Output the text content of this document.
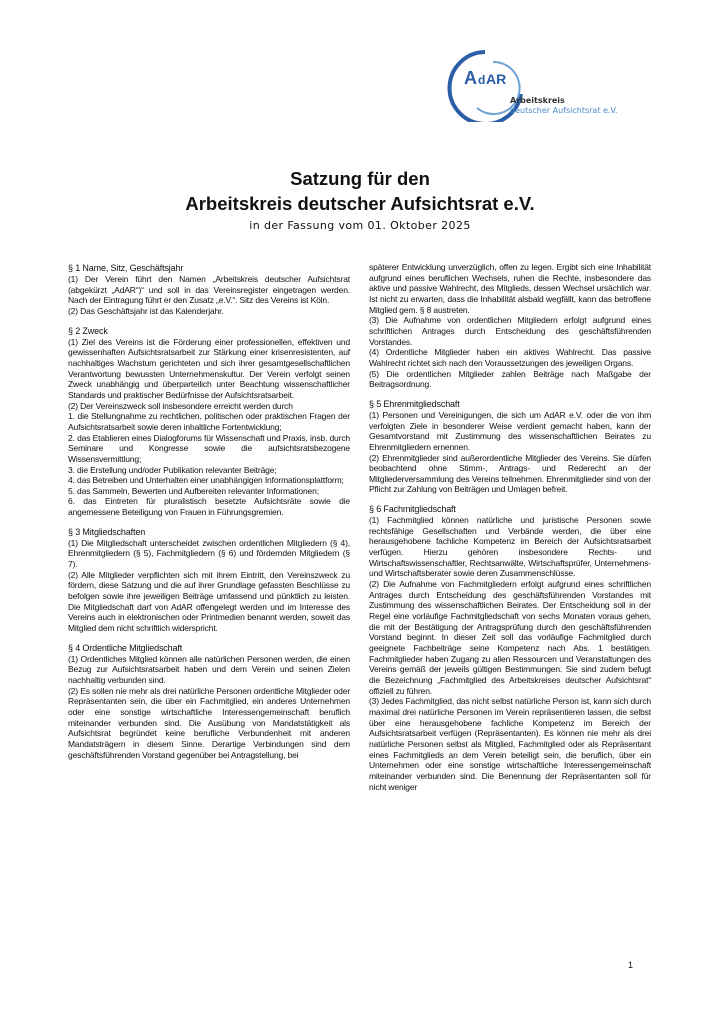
A d AR
Arbeitskreis
deutscher Aufsichtsrat e.V.
Satzung für den
Arbeitskreis deutscher Aufsichtsrat e.V.
in der Fassung vom 01. Oktober 2025
§ 1 Name, Sitz, Geschäftsjahr

(1) Der Verein führt den Namen „Arbeitskreis deutscher Aufsichtsrat (abgekürzt „AdAR“)“ und soll in das Vereinsregister eingetragen werden. Nach der Eintragung führt er den Zusatz „e.V.“. Sitz des Vereins ist Köln.

(2) Das Geschäftsjahr ist das Kalenderjahr.

§ 2 Zweck

(1) Ziel des Vereins ist die Förderung einer professionellen, effektiven und gewissenhaften Aufsichtsratsarbeit zur Stärkung einer krisenresistenten, auf nachhaltiges Wachstum gerichteten und sich ihrer gesamtgesellschaftlichen Verantwortung bewussten Unternehmenskultur. Der Verein verfolgt seinen Zweck unabhängig und überparteilich unter Beachtung wissenschaftlicher Standards und praktischer Bedürfnisse der Aufsichtsratsarbeit.

(2) Der Vereinszweck soll insbesondere erreicht werden durch

1. die Stellungnahme zu rechtlichen, politischen oder praktischen Fragen der Aufsichtsratsarbeit sowie deren inhaltliche Fortentwicklung;

2. das Etablieren eines Dialogforums für Wissenschaft und Praxis, insb. durch Seminare und Kongresse sowie die aufsichtsratsbezogene Wissensvermittlung;

3. die Erstellung und/oder Publikation relevanter Beiträge;

4. das Betreiben und Unterhalten einer unabhängigen Informationsplattform;

5. das Sammeln, Bewerten und Aufbereiten relevanter Informationen;

6. das Eintreten für pluralistisch besetzte Aufsichtsräte sowie die angemessene Beteiligung von Frauen in Führungsgremien.

§ 3 Mitgliedschaften

(1) Die Mitgliedschaft unterscheidet zwischen ordentlichen Mitgliedern (§ 4), Ehrenmitgliedern (§ 5), Fachmitgliedern (§ 6) und fördernden Mitgliedern (§ 7).

(2) Alle Mitglieder verpflichten sich mit ihrem Eintritt, den Vereinszweck zu fördern, diese Satzung und die auf ihrer Grundlage gefassten Beschlüsse zu befolgen sowie ihre jeweiligen Beiträge umfassend und pünktlich zu leisten. Die Mitgliedschaft darf von AdAR offengelegt werden und im Interesse des Vereins auch in elektronischen oder Printmedien benannt werden, soweit das Mitglied dem nicht schriftlich widerspricht.

§ 4 Ordentliche Mitgliedschaft

(1) Ordentliches Mitglied können alle natürlichen Personen werden, die einen Bezug zur Aufsichtsratsarbeit haben und dem Verein und seinen Zielen nachhaltig verbunden sind.

(2) Es sollen nie mehr als drei natürliche Personen ordentliche Mitglieder oder Repräsentanten sein, die über ein Fachmitglied, ein anderes Unternehmen oder eine sonstige wirtschaftliche Interessengemeinschaft beruflich miteinander verbunden sind. Die Ausübung von Mandatstätigkeit als Aufsichtsrat begründet keine berufliche Verbundenheit mit anderen Mandatsträgern in diesem Sinne. Derartige Verbindungen sind dem geschäftsführenden Vorstand gegenüber bei Antragstellung, bei

späterer Entwicklung unverzüglich, offen zu legen. Ergibt sich eine Inhabilität aufgrund eines beruflichen Wechsels, ruhen die Rechte, insbesondere das aktive und passive Wahlrecht, des Mitglieds, dessen Wechsel ursächlich war. Ist nicht zu erwarten, dass die Inhabilität alsbald wegfällt, kann das betroffene Mitglied gem. § 8 austreten.

(3) Die Aufnahme von ordentlichen Mitgliedern erfolgt aufgrund eines schriftlichen Antrages durch Entscheidung des geschäftsführenden Vorstandes.

(4) Ordentliche Mitglieder haben ein aktives Wahlrecht. Das passive Wahlrecht richtet sich nach den Voraussetzungen des jeweiligen Organs.

(5) Die ordentlichen Mitglieder zahlen Beiträge nach Maßgabe der Beitragsordnung.

§ 5 Ehrenmitgliedschaft

(1) Personen und Vereinigungen, die sich um AdAR e.V. oder die von ihm verfolgten Ziele in besonderer Weise verdient gemacht haben, kann der Gesamtvorstand mit Zustimmung des wissenschaftlichen Beirates zu Ehrenmitgliedern ernennen.

(2) Ehrenmitglieder sind außerordentliche Mitglieder des Vereins. Sie dürfen beobachtend ohne Stimm-, Antrags- und Rederecht an der Mitgliederversammlung des Vereins teilnehmen. Ehrenmitglieder sind von der Pflicht zur Zahlung von Beiträgen und Umlagen befreit.

§ 6 Fachmitgliedschaft

(1) Fachmitglied können natürliche und juristische Personen sowie rechtsfähige Gesellschaften und Verbände werden, die über eine herausgehobene fachliche Kompetenz im Bereich der Aufsichtsratsarbeit verfügen. Hierzu gehören insbesondere Rechts- und Wirtschaftswissenschaftler, Rechtsanwälte, Wirtschaftsprüfer, Unternehmens- und Wirtschaftsberater sowie deren Zusammenschlüsse.

(2) Die Aufnahme von Fachmitgliedern erfolgt aufgrund eines schriftlichen Antrages durch Entscheidung des geschäftsführenden Vorstandes mit Zustimmung des wissenschaftlichen Beirates. Der Entscheidung soll in der Regel eine vorläufige Fachmitgliedschaft von sechs Monaten voraus gehen, die mit der Bestätigung der Antragsprüfung durch den geschäftsführenden Vorstand beginnt. In dieser Zeit soll das vorläufige Fachmitglied durch geeignete Fachbeiträge seine Kompetenz nach Abs. 1 bestätigen. Fachmitglieder haben Zugang zu allen Ressourcen und Veranstaltungen des Vereins gemäß der jeweils gültigen Bestimmungen. Sie sind zudem befugt die Bezeichnung „Fachmitglied des Arbeitskreises deutscher Aufsichtsrat“ offiziell zu führen.

(3) Jedes Fachmitglied, das nicht selbst natürliche Person ist, kann sich durch maximal drei natürliche Personen im Verein repräsentieren lassen, die selbst über eine herausgehobene fachliche Kompetenz im Bereich der Aufsichtsratsarbeit verfügen (Repräsentanten). Es können nie mehr als drei natürliche Personen selbst als Mitglied, Fachmitglied oder als Repräsentant eines Fachmitglieds an dem Verein beteiligt sein, die beruflich, über ein Unternehmen oder eine sonstige wirtschaftliche Interessengemeinschaft miteinander verbunden sind. Die Benennung der Repräsentanten soll für nicht weniger

1
